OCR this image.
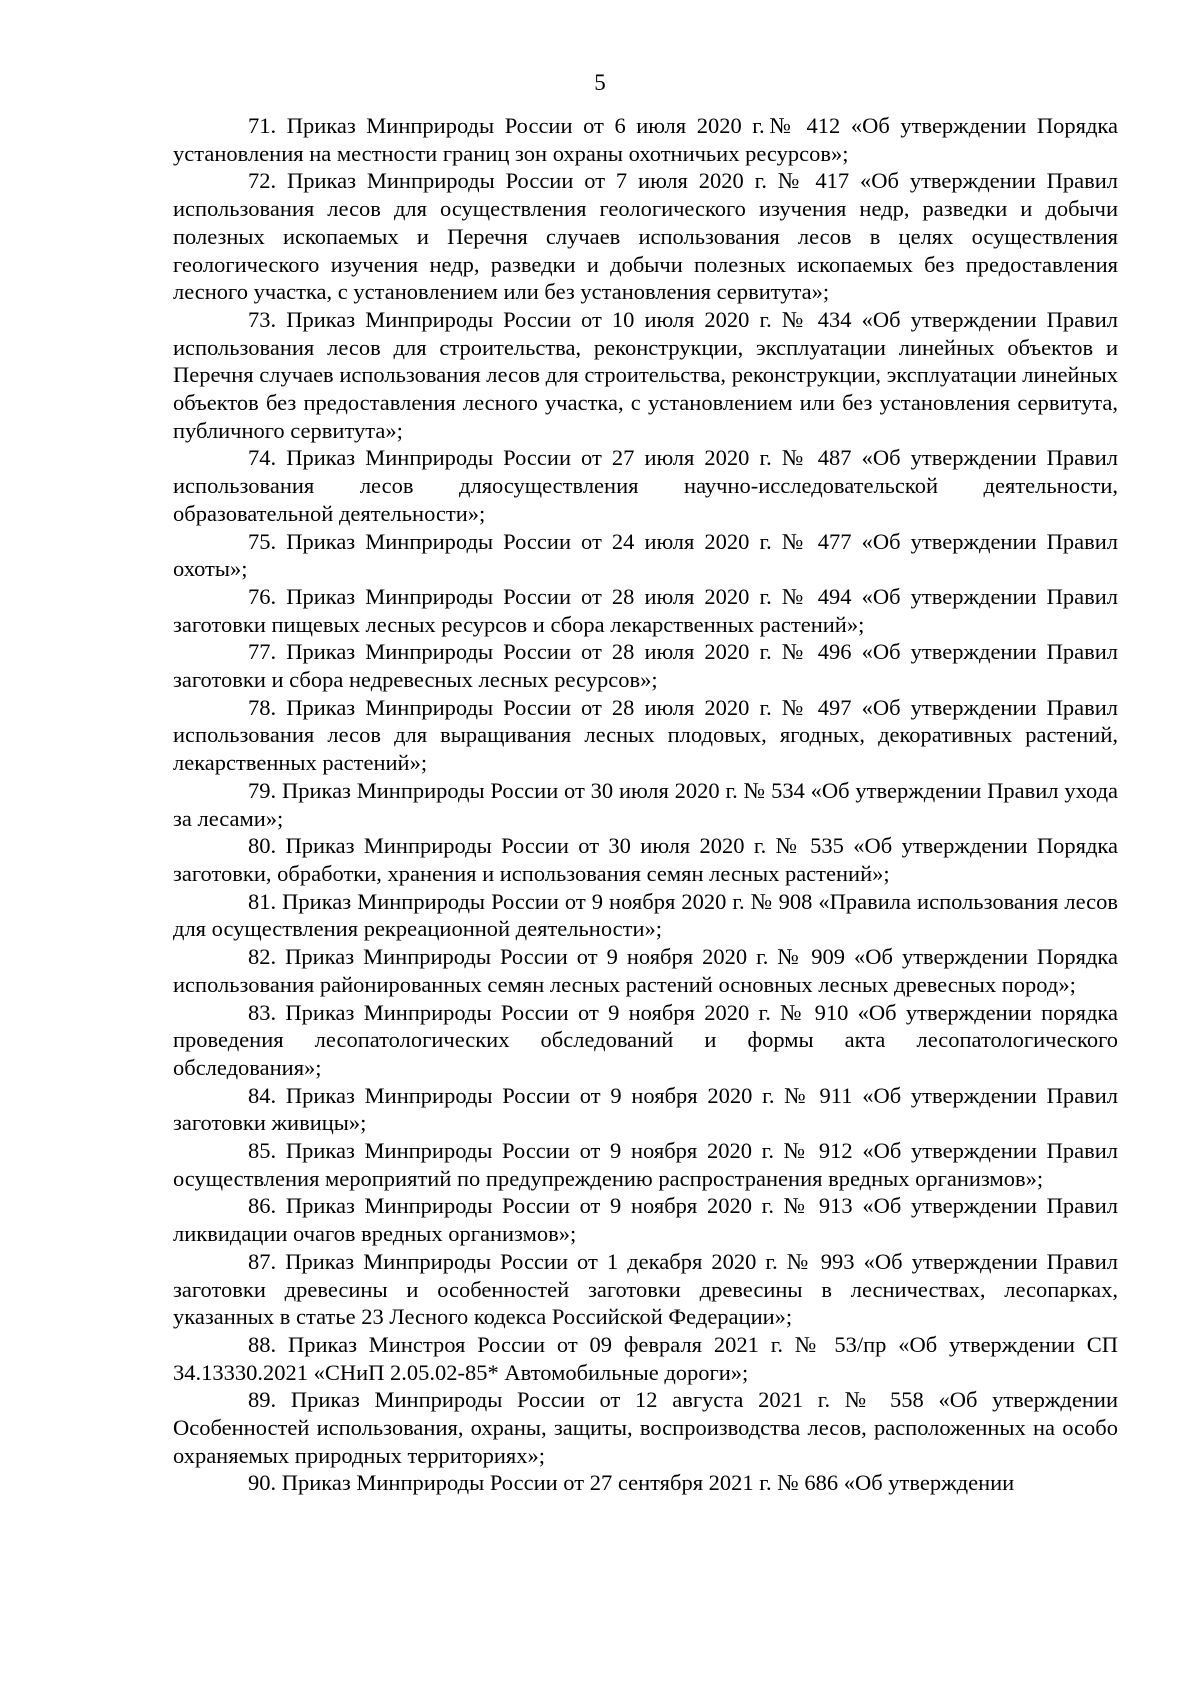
5

71. Приказ Минприроды России от 6 июля 2020 г.№ 412 «Об утверждении Порядка установления на местности границ зон охраны охотничьих ресурсов»;

72. Приказ Минприроды России от 7 июля 2020 г. № 417 «Об утверждении Правил использования лесов для осуществления геологического изучения недр, разведки и добычи полезных ископаемых и Перечня случаев использования лесов в целях осуществления геологического изучения недр, разведки и добычи полезных ископаемых без предоставления лесного участка, с установлением или без установления сервитута»;

73. Приказ Минприроды России от 10 июля 2020 г. № 434 «Об утверждении Правил использования лесов для строительства, реконструкции, эксплуатации линейных объектов и Перечня случаев использования лесов для строительства, реконструкции, эксплуатации линейных объектов без предоставления лесного участка, с установлением или без установления сервитута, публичного сервитута»;

74. Приказ Минприроды России от 27 июля 2020 г. № 487 «Об утверждении Правил использования лесов дляосуществления научно-исследовательской деятельности, образовательной деятельности»;

75. Приказ Минприроды России от 24 июля 2020 г. № 477 «Об утверждении Правил охоты»;

76. Приказ Минприроды России от 28 июля 2020 г. № 494 «Об утверждении Правил заготовки пищевых лесных ресурсов и сбора лекарственных растений»;

77. Приказ Минприроды России от 28 июля 2020 г. № 496 «Об утверждении Правил заготовки и сбора недревесных лесных ресурсов»;

78. Приказ Минприроды России от 28 июля 2020 г. № 497 «Об утверждении Правил использования лесов для выращивания лесных плодовых, ягодных, декоративных растений, лекарственных растений»;

79. Приказ Минприроды России от 30 июля 2020 г. № 534 «Об утверждении Правил ухода за лесами»;

80. Приказ Минприроды России от 30 июля 2020 г. № 535 «Об утверждении Порядка заготовки, обработки, хранения и использования семян лесных растений»;

81. Приказ Минприроды России от 9 ноября 2020 г. № 908 «Правила использования лесов для осуществления рекреационной деятельности»;

82. Приказ Минприроды России от 9 ноября 2020 г. № 909 «Об утверждении Порядка использования районированных семян лесных растений основных лесных древесных пород»;

83. Приказ Минприроды России от 9 ноября 2020 г. № 910 «Об утверждении порядка проведения лесопатологических обследований и формы акта лесопатологического обследования»;

84. Приказ Минприроды России от 9 ноября 2020 г. № 911 «Об утверждении Правил заготовки живицы»;

85. Приказ Минприроды России от 9 ноября 2020 г. № 912 «Об утверждении Правил осуществления мероприятий по предупреждению распространения вредных организмов»;

86. Приказ Минприроды России от 9 ноября 2020 г. № 913 «Об утверждении Правил ликвидации очагов вредных организмов»;

87. Приказ Минприроды России от 1 декабря 2020 г. № 993 «Об утверждении Правил заготовки древесины и особенностей заготовки древесины в лесничествах, лесопарках, указанных в статье 23 Лесного кодекса Российской Федерации»;

88. Приказ Минстроя России от 09 февраля 2021 г. № 53/пр «Об утверждении СП 34.13330.2021 «СНиП 2.05.02-85* Автомобильные дороги»;

89. Приказ Минприроды России от 12 августа 2021 г. № 558 «Об утверждении Особенностей использования, охраны, защиты, воспроизводства лесов, расположенных на особо охраняемых природных территориях»;

90. Приказ Минприроды России от 27 сентября 2021 г. № 686 «Об утверждении
